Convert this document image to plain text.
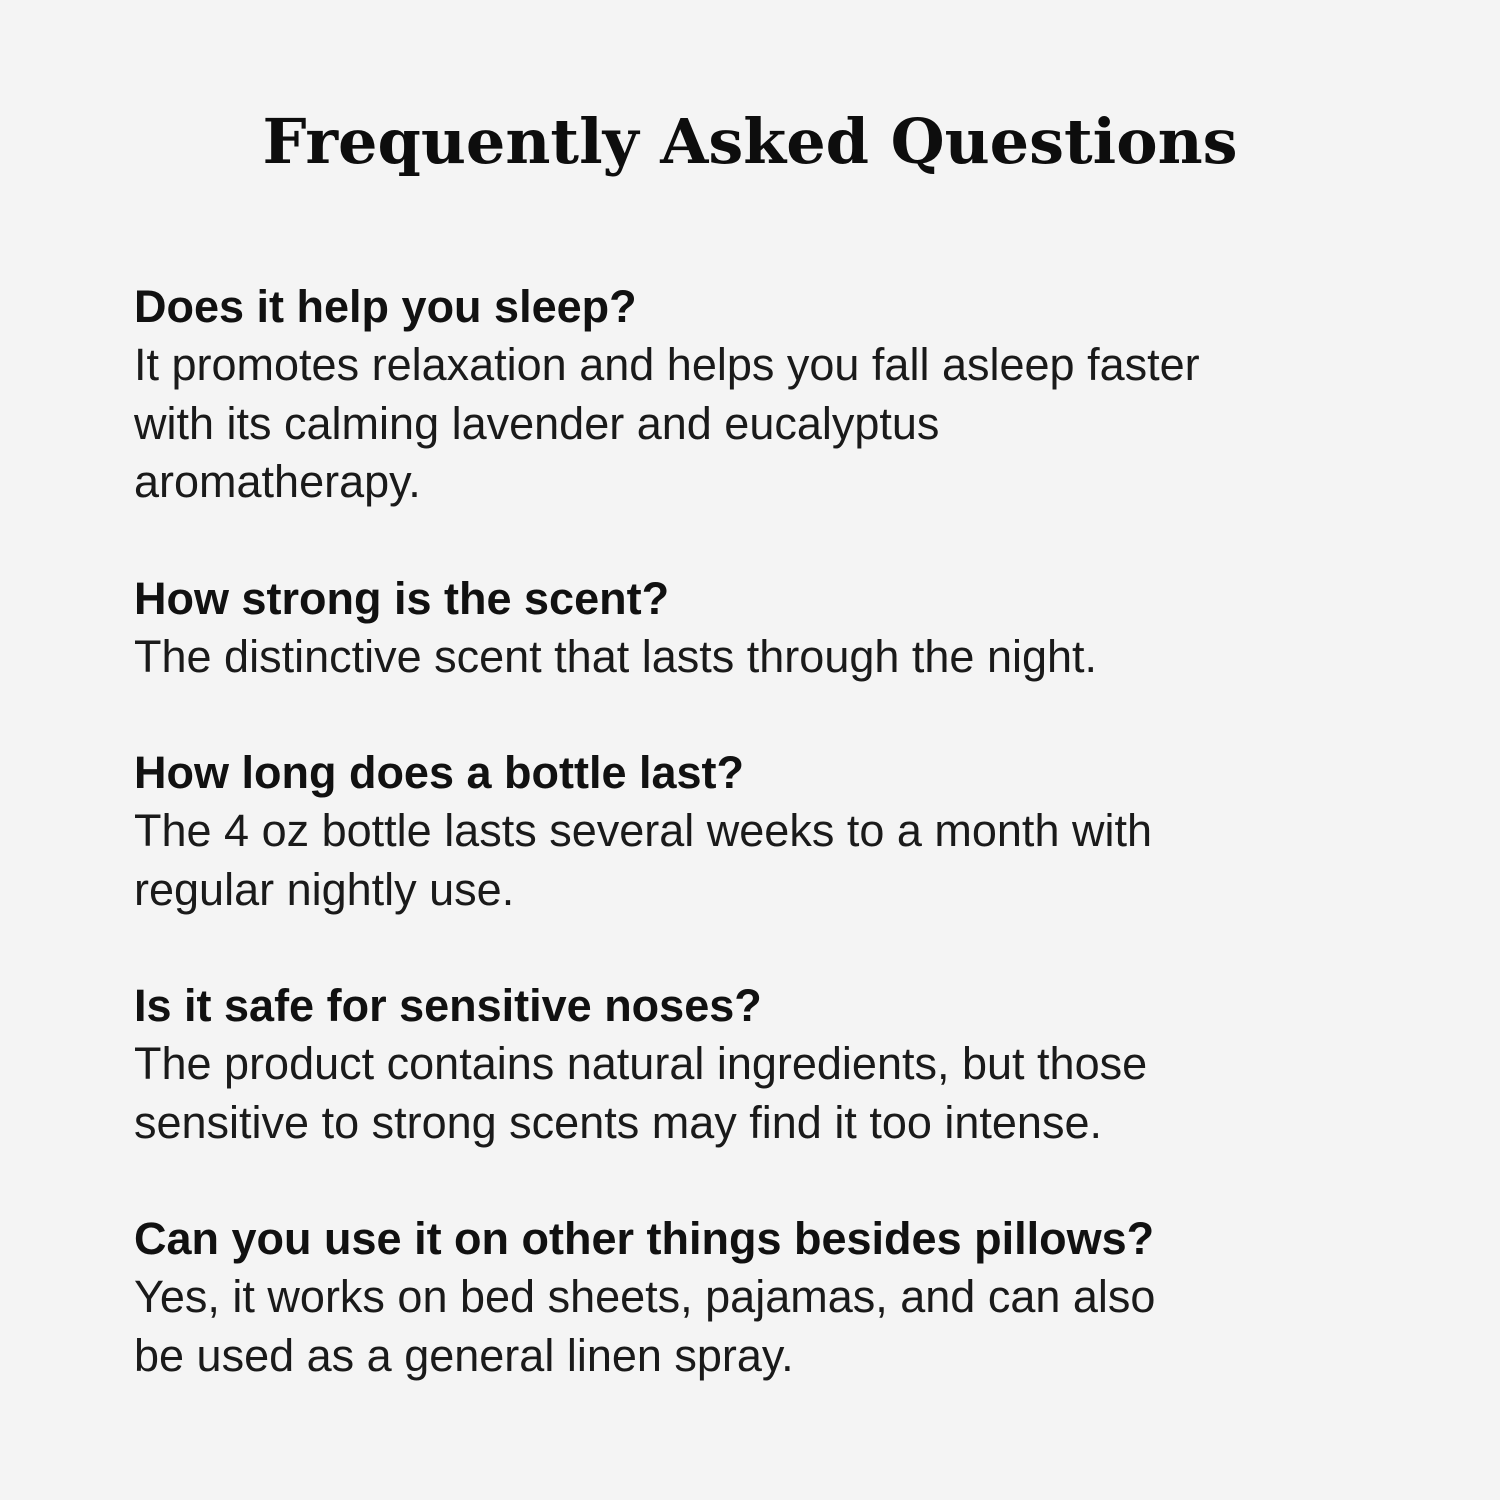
Frequently Asked Questions
Does it help you sleep?
It promotes relaxation and helps you fall asleep faster
with its calming lavender and eucalyptus
aromatherapy.
How strong is the scent?
The distinctive scent that lasts through the night.
How long does a bottle last?
The 4 oz bottle lasts several weeks to a month with
regular nightly use.
Is it safe for sensitive noses?
The product contains natural ingredients, but those
sensitive to strong scents may find it too intense.
Can you use it on other things besides pillows?
Yes, it works on bed sheets, pajamas, and can also
be used as a general linen spray.
